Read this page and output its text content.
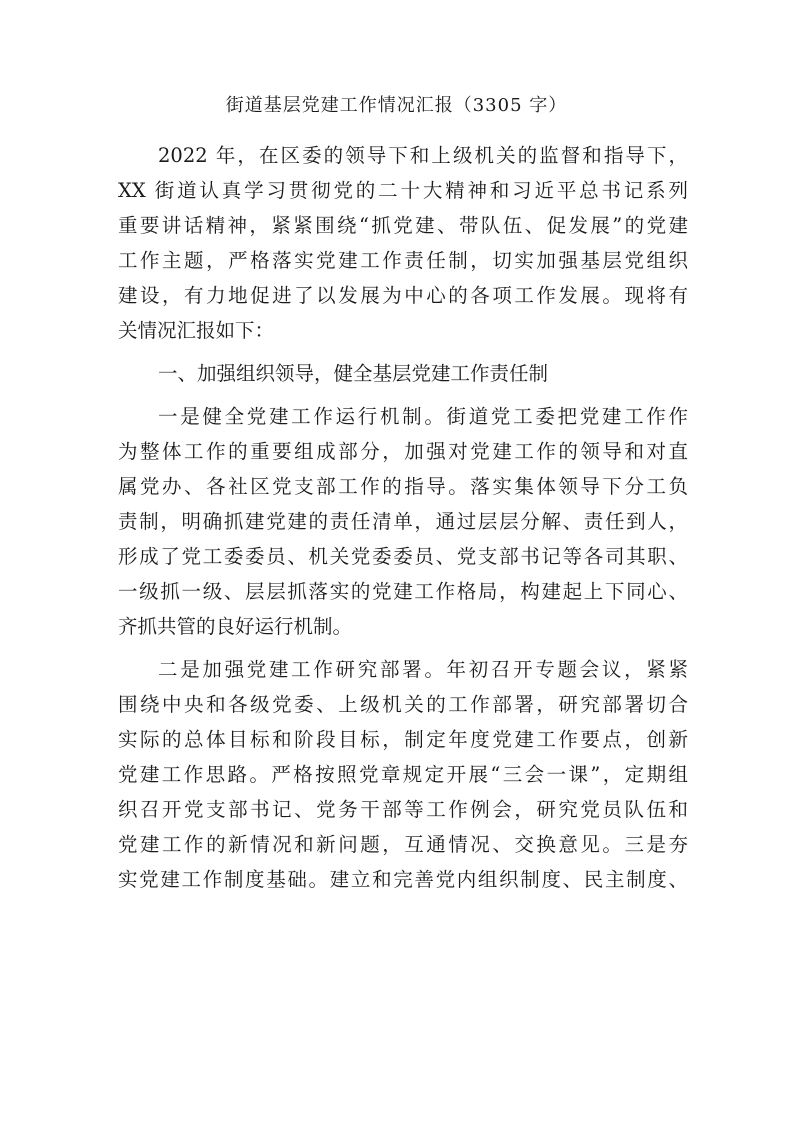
街道基层党建工作情况汇报（3305 字）
2022 年，在区委的领导下和上级机关的监督和指导下，
XX 街道认真学习贯彻党的二十大精神和习近平总书记系列
重要讲话精神，紧紧围绕“抓党建、带队伍、促发展”的党建
工作主题，严格落实党建工作责任制，切实加强基层党组织
建设，有力地促进了以发展为中心的各项工作发展。现将有
关情况汇报如下：
一、加强组织领导，健全基层党建工作责任制
一是健全党建工作运行机制。街道党工委把党建工作作
为整体工作的重要组成部分，加强对党建工作的领导和对直
属党办、各社区党支部工作的指导。落实集体领导下分工负
责制，明确抓建党建的责任清单，通过层层分解、责任到人，
形成了党工委委员、机关党委委员、党支部书记等各司其职、
一级抓一级、层层抓落实的党建工作格局，构建起上下同心、
齐抓共管的良好运行机制。
二是加强党建工作研究部署。年初召开专题会议，紧紧
围绕中央和各级党委、上级机关的工作部署，研究部署切合
实际的总体目标和阶段目标，制定年度党建工作要点，创新
党建工作思路。严格按照党章规定开展“三会一课”，定期组
织召开党支部书记、党务干部等工作例会，研究党员队伍和
党建工作的新情况和新问题，互通情况、交换意见。三是夯
实党建工作制度基础。建立和完善党内组织制度、民主制度、
